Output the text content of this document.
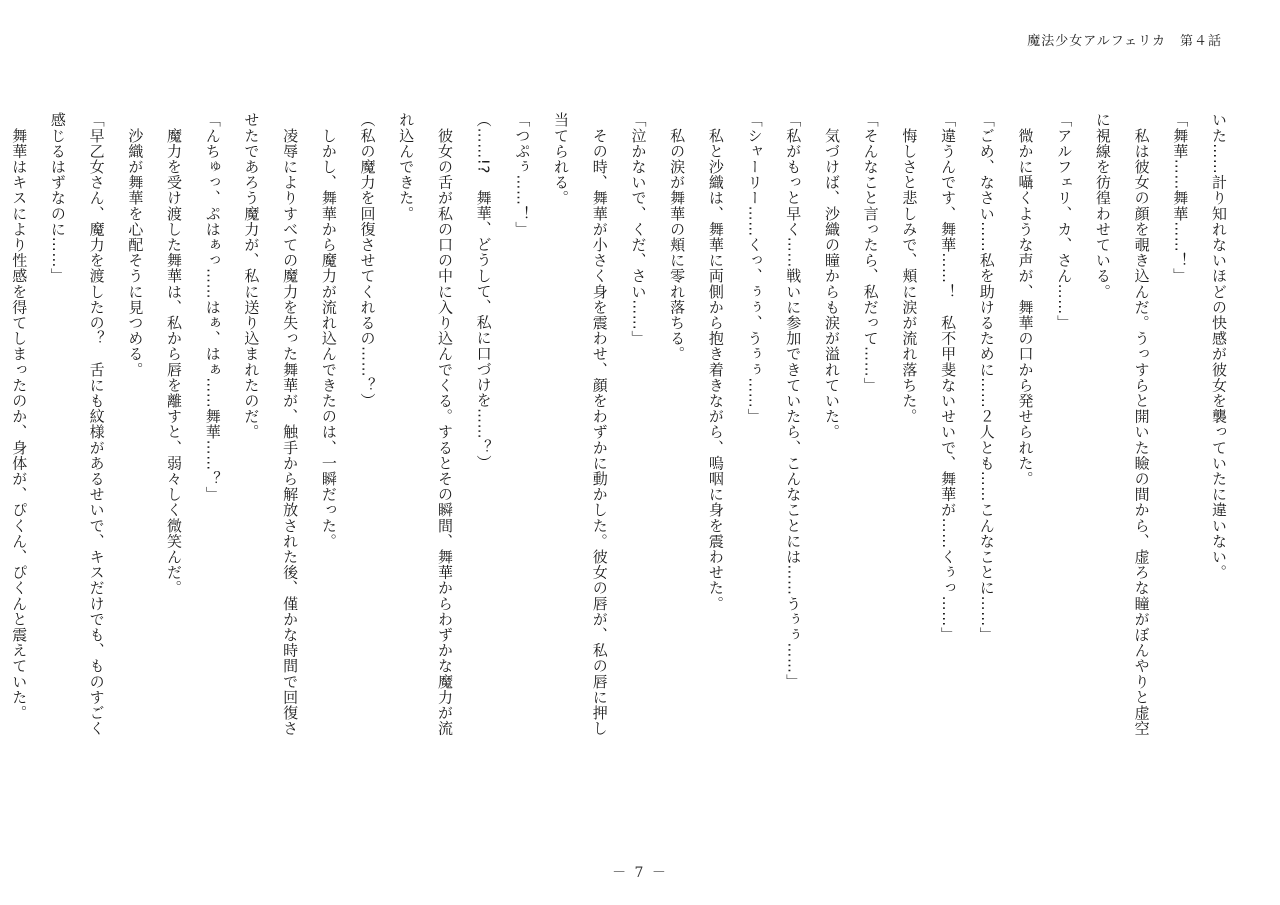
魔法少女アルフェリカ 第４話

いた……計り知れないほどの快感が彼女を襲っていたに違いない。

「舞華……舞華……！」

　私は彼女の顔を覗き込んだ。うっすらと開いた瞼の間から、虚ろな瞳がぼんやりと虚空

に視線を彷徨わせている。

「アルフェリ、カ、さん……」

　微かに囁くような声が、舞華の口から発せられた。

「ごめ、なさい……私を助けるために……２人とも……こんなことに……」

「違うんです、舞華……！　私不甲斐ないせいで、舞華が……くぅっ……」

　悔しさと悲しみで、頬に涙が流れ落ちた。

「そんなこと言ったら、私だって……」

　気づけば、沙織の瞳からも涙が溢れていた。

「私がもっと早く……戦いに参加できていたら、こんなことには……うぅぅ……」

「シャーリー……くっ、ぅぅ、うぅぅ……」

　私と沙織は、舞華に両側から抱き着きながら、嗚咽に身を震わせた。

　私の涙が舞華の頬に零れ落ちる。

「泣かないで、くだ、さい……」

　その時、舞華が小さく身を震わせ、顔をわずかに動かした。彼女の唇が、私の唇に押し

当てられる。

「つぷぅ……！」

（……!?　舞華、どうして、私に口づけを……？）

　彼女の舌が私の口の中に入り込んでくる。するとその瞬間、舞華からわずかな魔力が流

れ込んできた。

（私の魔力を回復させてくれるの……？）

　しかし、舞華から魔力が流れ込んできたのは、一瞬だった。

　凌辱によりすべての魔力を失った舞華が、触手から解放された後、僅かな時間で回復さ

せたであろう魔力が、私に送り込まれたのだ。

「んちゅっ、ぷはぁっ……はぁ、はぁ……舞華……？」

　魔力を受け渡した舞華は、私から唇を離すと、弱々しく微笑んだ。

　沙織が舞華を心配そうに見つめる。

「早乙女さん、魔力を渡したの？　舌にも紋様があるせいで、キスだけでも、ものすごく

感じるはずなのに……」

　舞華はキスにより性感を得てしまったのか、身体が、ぴくん、ぴくんと震えていた。

－ 7 －
